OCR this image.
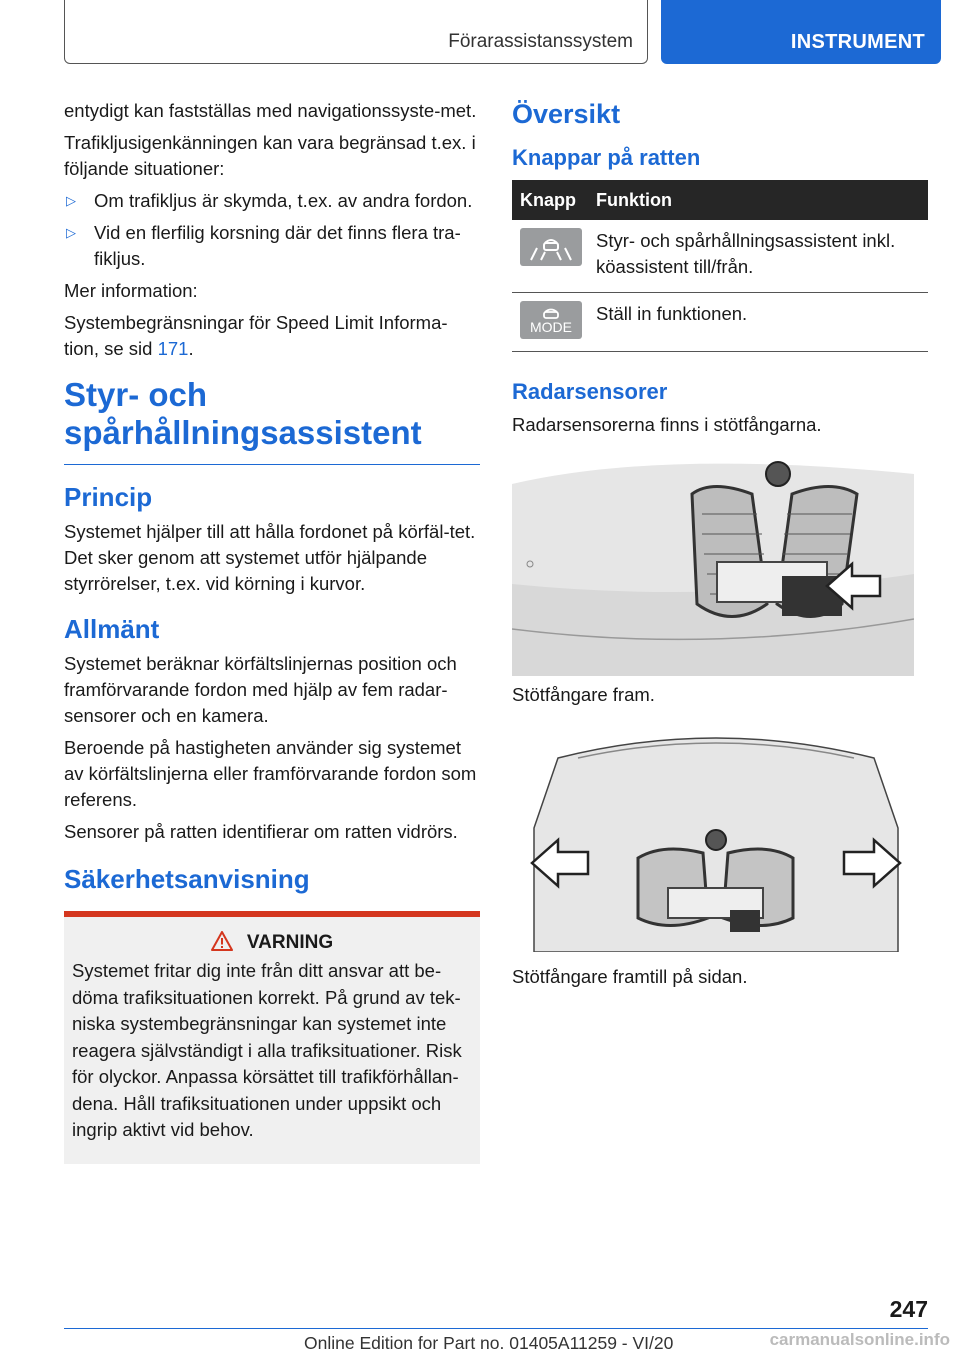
Förarassistanssystem	INSTRUMENT

entydigt kan fastställas med navigationssyste‐met.

Trafikljusigenkänningen kan vara begränsad t.ex. i följande situationer:

▷ Om trafikljus är skymda, t.ex. av andra fordon.
▷ Vid en flerfilig korsning där det finns flera tra‐fikljus.

Mer information:

Systembegränsningar för Speed Limit Informa‐tion, se sid 171.

Styr- och spårhållningsassistent
Princip

Systemet hjälper till att hålla fordonet på körfäl‐tet. Det sker genom att systemet utför hjälpande styrrörelser, t.ex. vid körning i kurvor.

Allmänt

Systemet beräknar körfältslinjernas position och framförvarande fordon med hjälp av fem radar‐sensorer och en kamera.

Beroende på hastigheten använder sig systemet av körfältslinjerna eller framförvarande fordon som referens.

Sensorer på ratten identifierar om ratten vidrörs.

Säkerhetsanvisning
VARNING

Systemet fritar dig inte från ditt ansvar att be‐döma trafiksituationen korrekt. På grund av tek‐niska systembegränsningar kan systemet inte reagera självständigt i alla trafiksituationer. Risk för olyckor. Anpassa körsättet till trafikförhållan‐dena. Håll trafiksituationen under uppsikt och ingrip aktivt vid behov.

Översikt
Knappar på ratten
Knapp	Funktion

	Styr- och spårhållningsassistent inkl. köassistent till/från.

MODE	Ställ in funktionen.
Radarsensorer

Radarsensorerna finns i stötfångarna.

Stötfångare fram.

Stötfångare framtill på sidan.

247
Online Edition for Part no. 01405A11259 - VI/20	carmanualsonline.info
